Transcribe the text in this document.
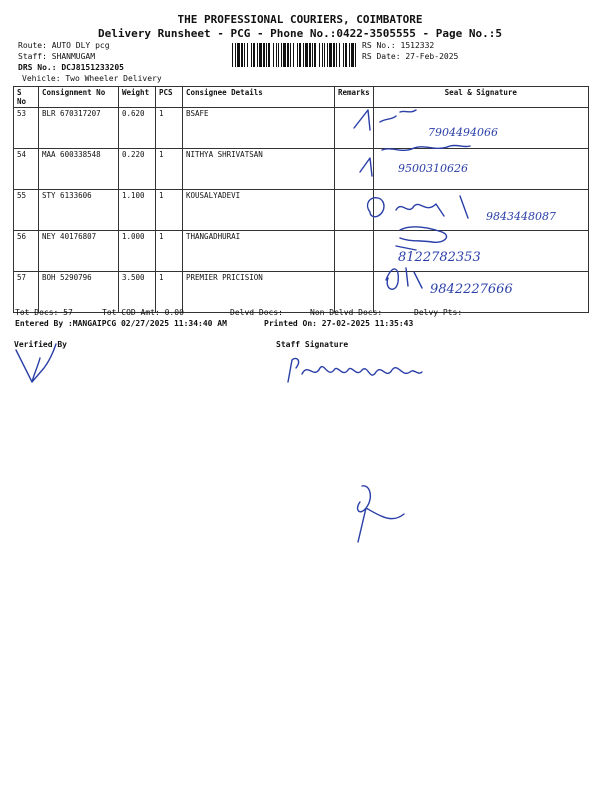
THE PROFESSIONAL COURIERS, COIMBATORE
Delivery Runsheet - PCG - Phone No.:0422-3505555 - Page No.:5
Route: AUTO DLY pcg
Staff: SHANMUGAM
DRS No.: DCJ8151233205
Vehicle: Two Wheeler Delivery
RS No.: 1512332
RS Date: 27-Feb-2025
S No	Consignment No	Weight	PCS	Consignee Details	Remarks	Seal & Signature
53	BLR 670317207	0.620	1	BSAFE		
54	MAA 600338548	0.220	1	NITHYA SHRIVATSAN		
55	STY 6133606	1.100	1	KOUSALYADEVI		
56	NEY 40176807	1.000	1	THANGADHURAI		
57	BOH 5290796	3.500	1	PREMIER PRICISION		
7904494066
9500310626
9843448087
8122782353
9842227666
Tot Docs: 57	Tot COD Amt: 0.00	Delvd Docs:	Non Delvd Docs:	Delvy Pts:
Entered By :MANGAIPCG 02/27/2025 11:34:40 AM	Printed On: 27-02-2025 11:35:43
Verified By	Staff Signature
